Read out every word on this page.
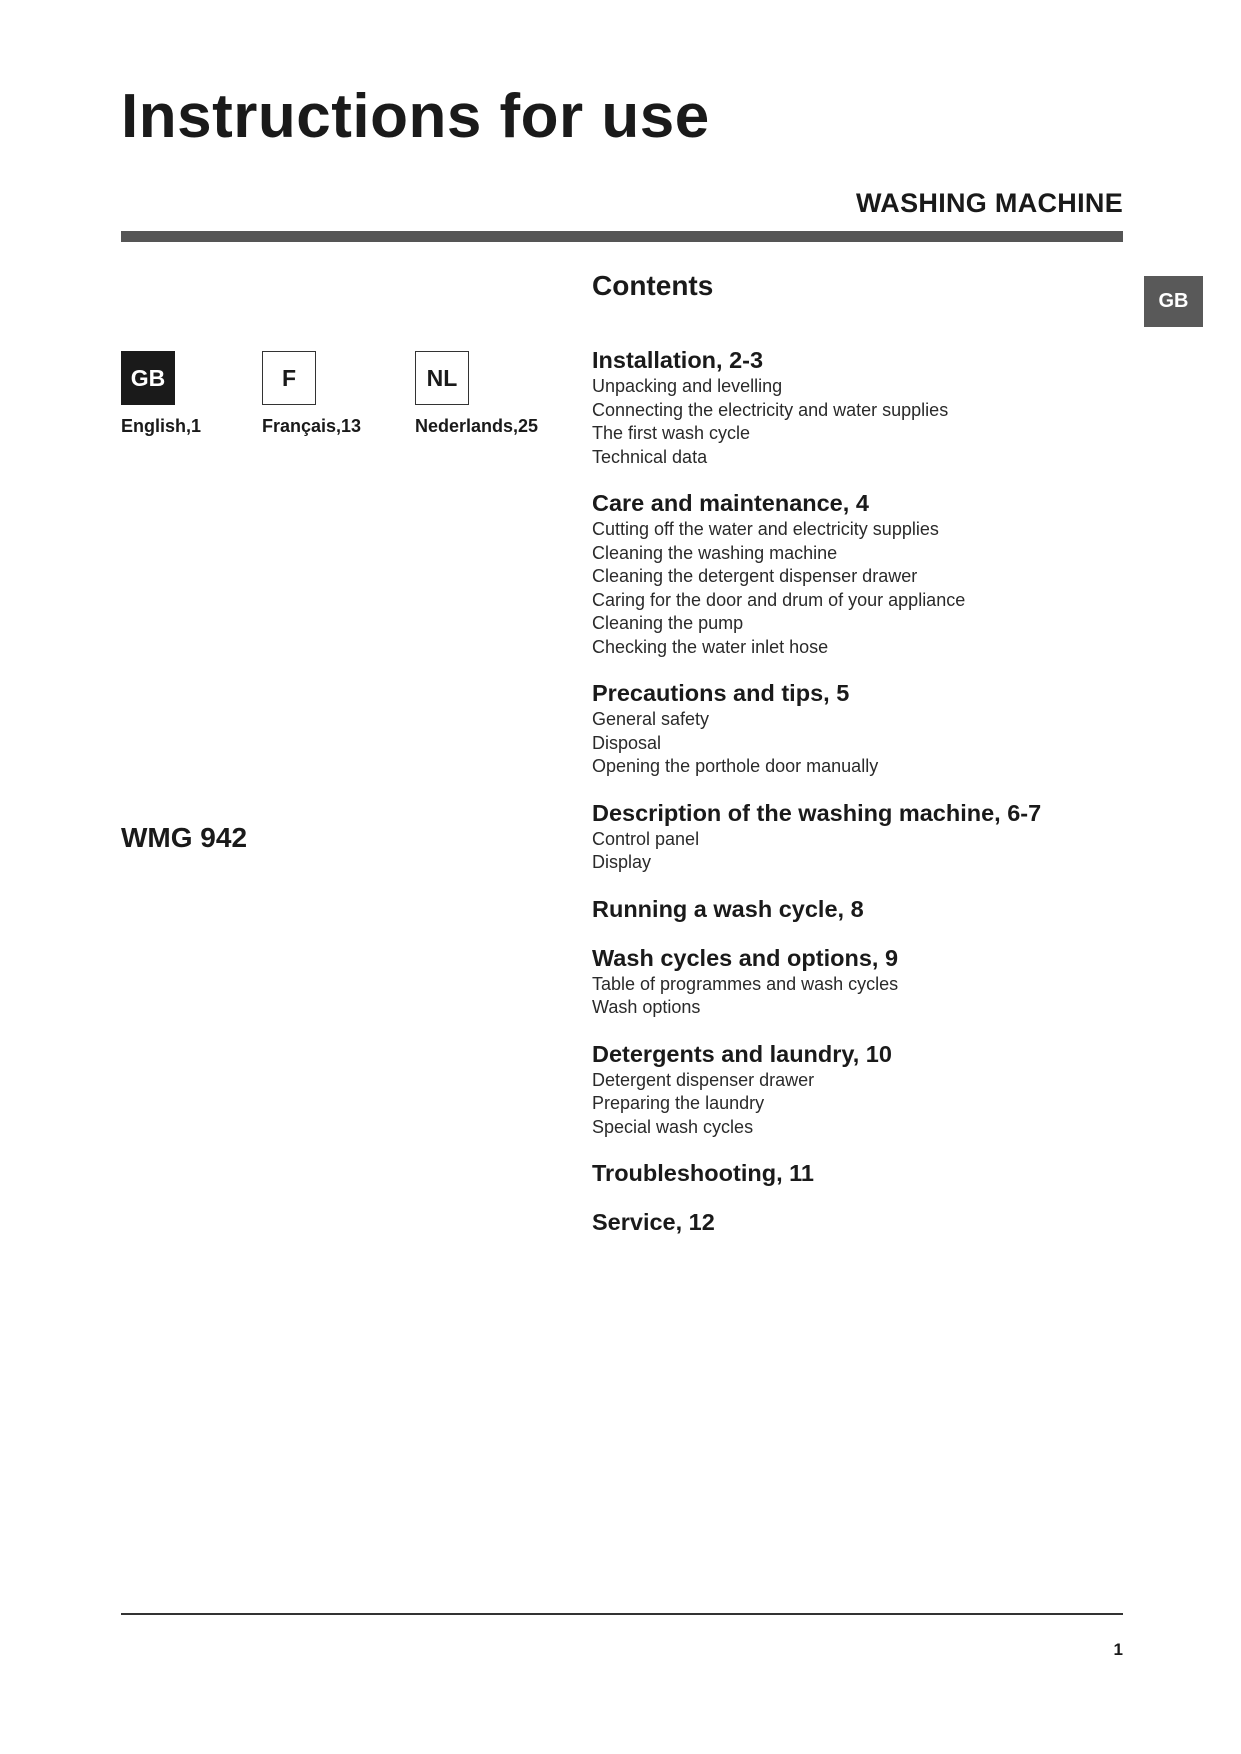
Instructions for use
WASHING MACHINE
GB
GB
English,1
F
Français,13
NL
Nederlands,25
WMG 942
Contents
Installation, 2-3
Unpacking and levelling
Connecting the electricity and water supplies
The first wash cycle
Technical data
Care and maintenance, 4
Cutting off the water and electricity supplies
Cleaning the washing machine
Cleaning the detergent dispenser drawer
Caring for the door and drum of your appliance
Cleaning the pump
Checking the water inlet hose
Precautions and tips, 5
General safety
Disposal
Opening the porthole door manually
Description of the washing machine, 6-7
Control panel
Display
Running a wash cycle, 8
Wash cycles and options, 9
Table of programmes and wash cycles
Wash options
Detergents and laundry, 10
Detergent dispenser drawer
Preparing the laundry
Special wash cycles
Troubleshooting, 11
Service, 12
1
